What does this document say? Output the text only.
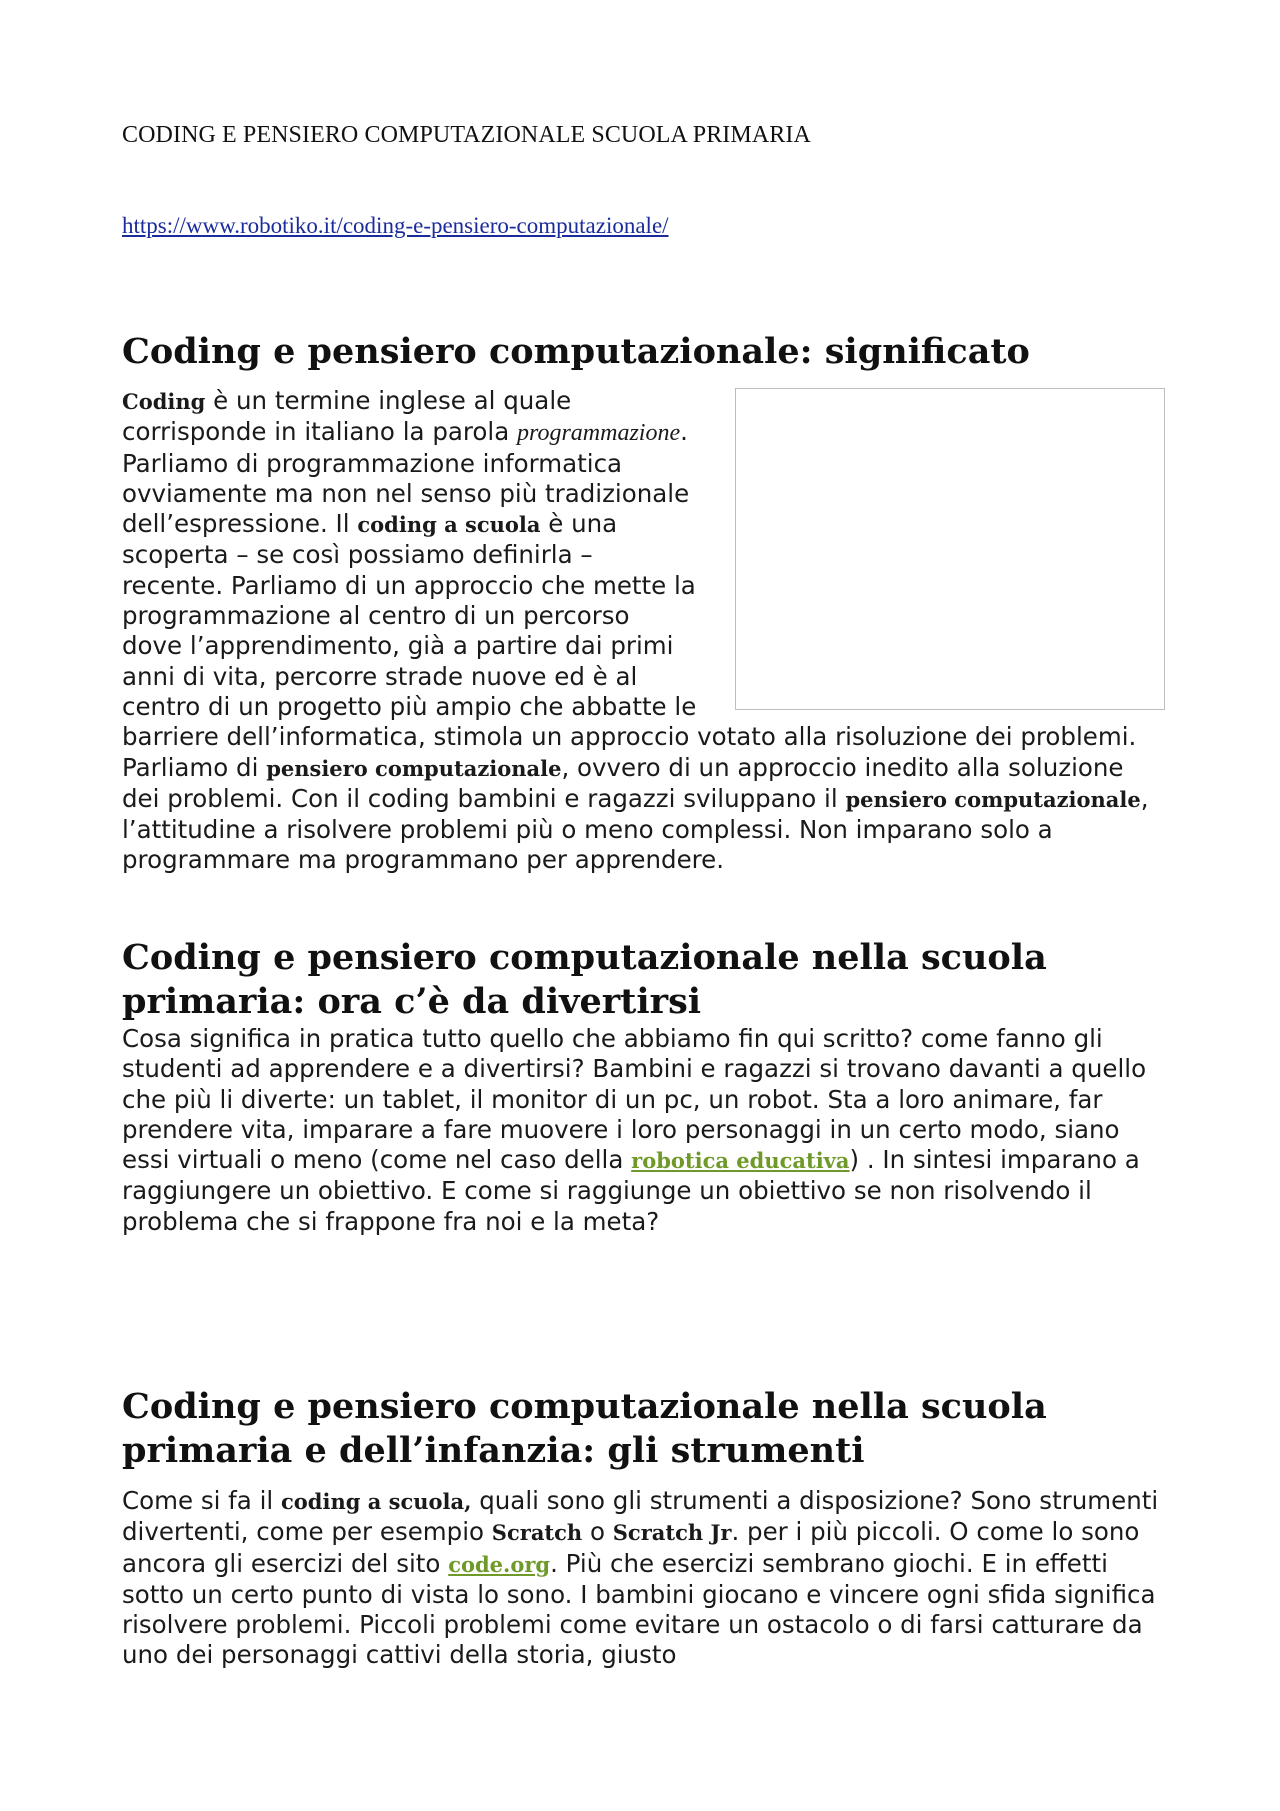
CODING E PENSIERO COMPUTAZIONALE SCUOLA PRIMARIA

https://www.robotiko.it/coding-e-pensiero-computazionale/
Coding e pensiero computazionale: significato
Coding è un termine inglese al quale corrisponde in italiano la parola programmazione. Parliamo di programmazione informatica ovviamente ma non nel senso più tradizionale dell’espressione. Il coding a scuola è una scoperta – se così possiamo definirla – recente. Parliamo di un approccio che mette la programmazione al centro di un percorso dove l’apprendimento, già a partire dai primi anni di vita, percorre strade nuove ed è al centro di un progetto più ampio che abbatte le barriere dell’informatica, stimola un approccio votato alla risoluzione dei problemi. Parliamo di pensiero computazionale, ovvero di un approccio inedito alla soluzione dei problemi. Con il coding bambini e ragazzi sviluppano il pensiero computazionale, l’attitudine a risolvere problemi più o meno complessi. Non imparano solo a programmare ma programmano per apprendere.
Coding e pensiero computazionale nella scuola primaria: ora c’è da divertirsi
Cosa significa in pratica tutto quello che abbiamo fin qui scritto? come fanno gli studenti ad apprendere e a divertirsi? Bambini e ragazzi si trovano davanti a quello che più li diverte: un tablet, il monitor di un pc, un robot. Sta a loro animare, far prendere vita, imparare a fare muovere i loro personaggi in un certo modo, siano essi virtuali o meno (come nel caso della robotica educativa) . In sintesi imparano a raggiungere un obiettivo. E come si raggiunge un obiettivo se non risolvendo il problema che si frappone fra noi e la meta?
Coding e pensiero computazionale nella scuola primaria e dell’infanzia: gli strumenti
Come si fa il coding a scuola, quali sono gli strumenti a disposizione? Sono strumenti divertenti, come per esempio Scratch o Scratch Jr. per i più piccoli. O come lo sono ancora gli esercizi del sito code.org. Più che esercizi sembrano giochi. E in effetti sotto un certo punto di vista lo sono. I bambini giocano e vincere ogni sfida significa risolvere problemi. Piccoli problemi come evitare un ostacolo o di farsi catturare da uno dei personaggi cattivi della storia, giusto
